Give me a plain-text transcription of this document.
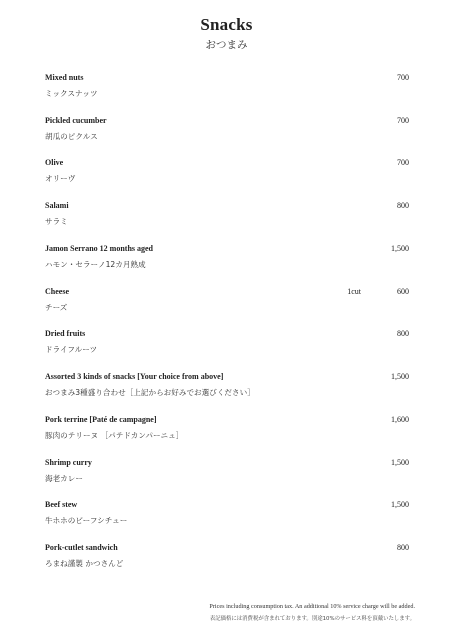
Snacks
おつまみ
Mixed nuts
ミックスナッツ
700
Pickled cucumber
胡瓜のピクルス
700
Olive
オリーヴ
700
Salami
サラミ
800
Jamon Serrano 12 months aged
ハモン・セラーノ12カ月熟成
1,500
Cheese
チーズ
1cut	600
Dried fruits
ドライフルーツ
800
Assorted 3 kinds of snacks [Your choice from above]
おつまみ3種盛り合わせ［上記からお好みでお選びください］
1,500
Pork terrine [Paté de campagne]
豚肉のテリーヌ ［パテドカンパーニュ］
1,600
Shrimp curry
海老カレー
1,500
Beef stew
牛ホホのビーフシチュー
1,500
Pork-cutlet sandwich
ろまね謹製 かつさんど
800
Prices including consumption tax. An additional 10% service charge will be added.
表記価格には消費税が含まれております。別途10%のサービス料を頂戴いたします。
